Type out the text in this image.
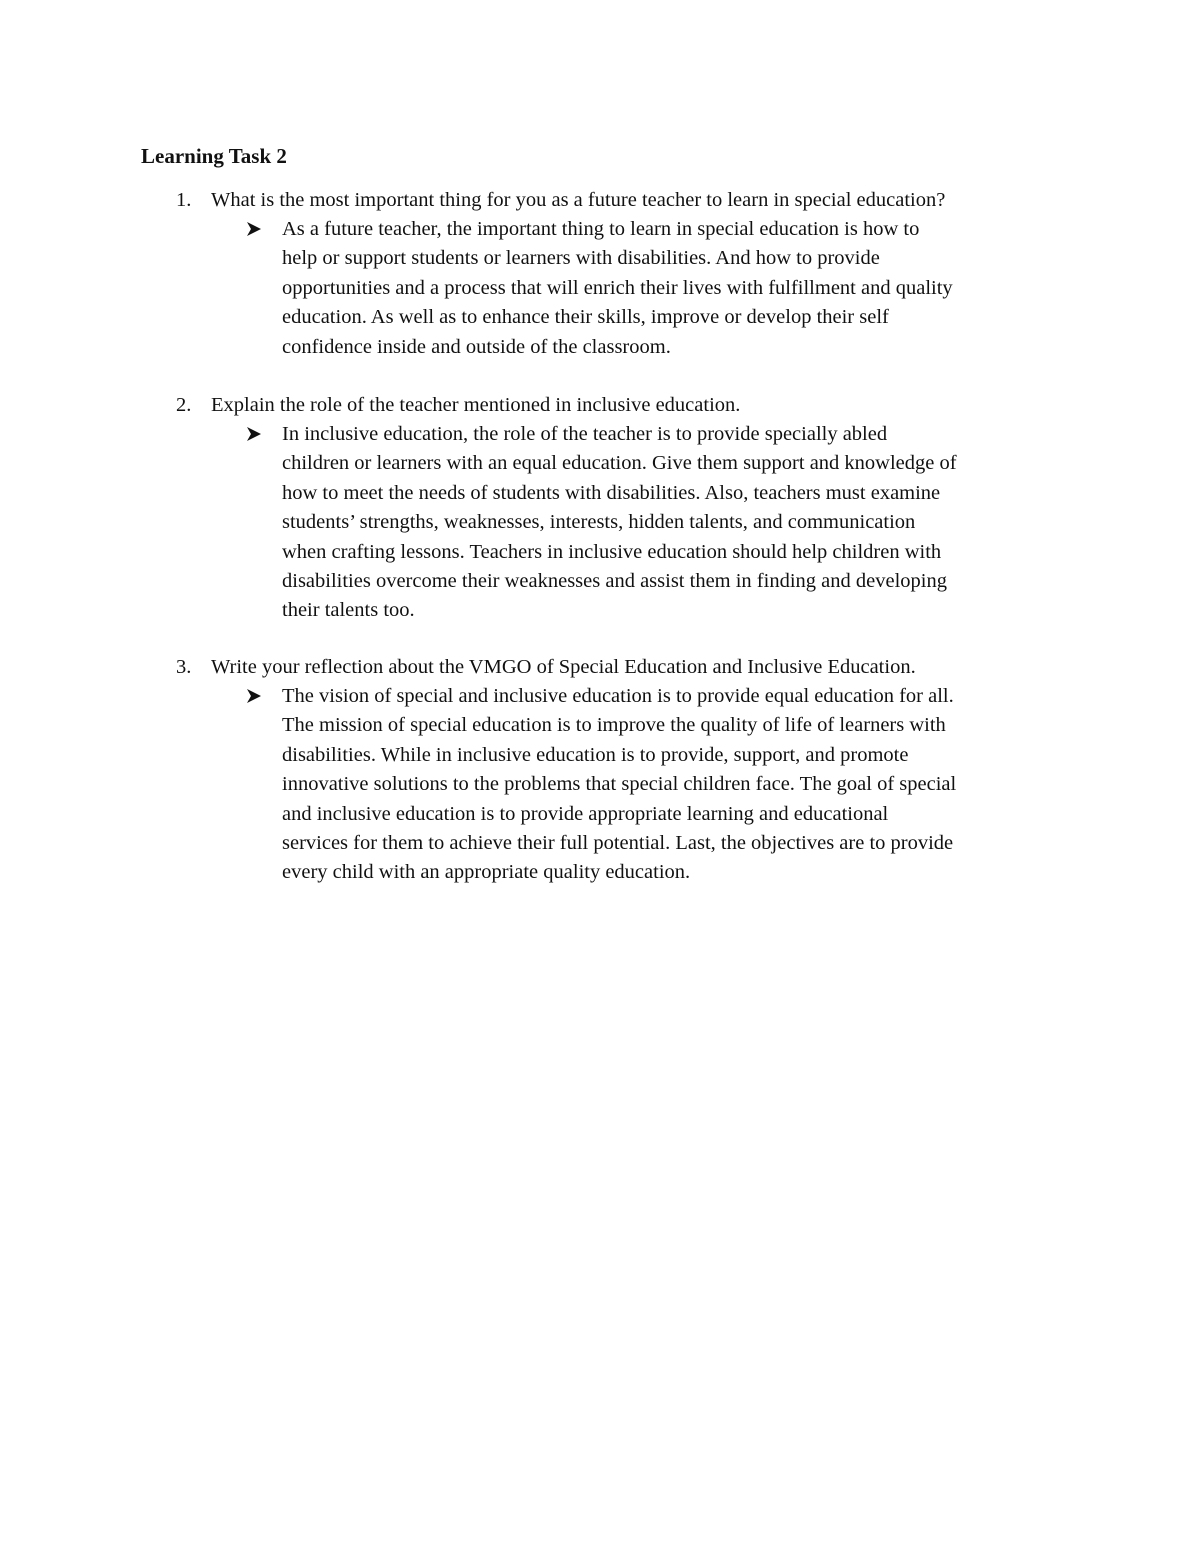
Learning Task 2
1. What is the most important thing for you as a future teacher to learn in special education?
As a future teacher, the important thing to learn in special education is how to
help or support students or learners with disabilities. And how to provide
opportunities and a process that will enrich their lives with fulfillment and quality
education. As well as to enhance their skills, improve or develop their self
confidence inside and outside of the classroom.
2. Explain the role of the teacher mentioned in inclusive education.
In inclusive education, the role of the teacher is to provide specially abled
children or learners with an equal education. Give them support and knowledge of
how to meet the needs of students with disabilities. Also, teachers must examine
students’ strengths, weaknesses, interests, hidden talents, and communication
when crafting lessons. Teachers in inclusive education should help children with
disabilities overcome their weaknesses and assist them in finding and developing
their talents too.
3. Write your reflection about the VMGO of Special Education and Inclusive Education.
The vision of special and inclusive education is to provide equal education for all.
The mission of special education is to improve the quality of life of learners with
disabilities. While in inclusive education is to provide, support, and promote
innovative solutions to the problems that special children face. The goal of special
and inclusive education is to provide appropriate learning and educational
services for them to achieve their full potential. Last, the objectives are to provide
every child with an appropriate quality education.
